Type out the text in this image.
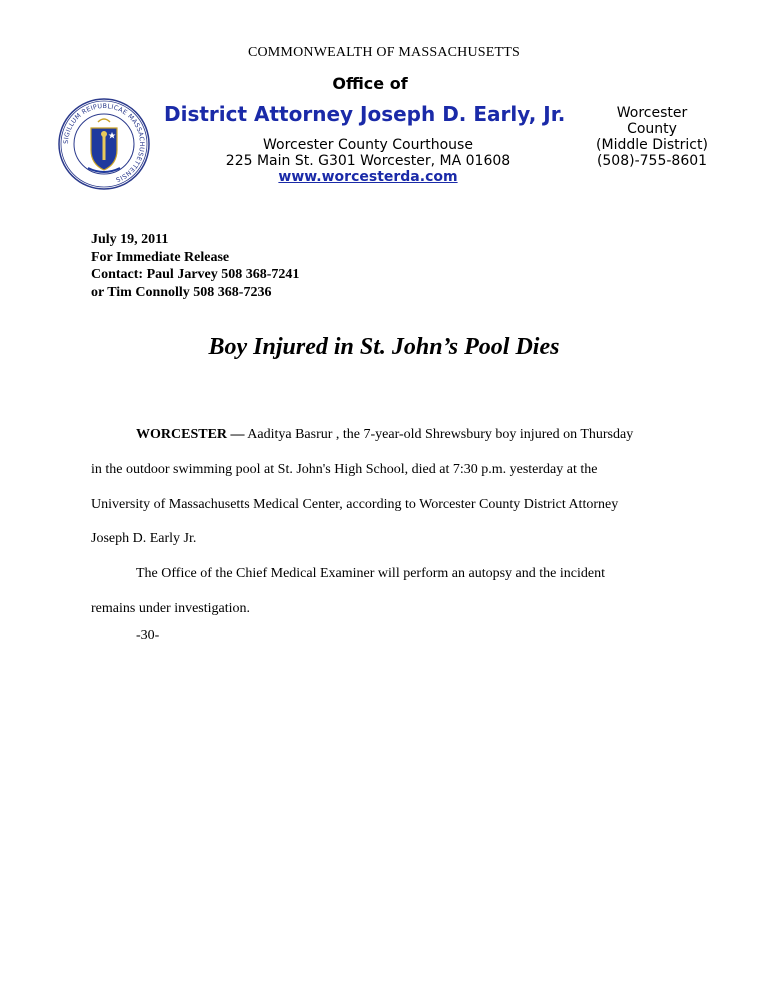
COMMONWEALTH OF MASSACHUSETTS
Office of
SIGILLUM REIPUBLICAE MASSACHUSETTENSIS
District Attorney Joseph D. Early, Jr.
Worcester County Courthouse
225 Main St. G301 Worcester, MA 01608
www.worcesterda.com
Worcester
County
(Middle District)
(508)-755-8601
July 19, 2011
For Immediate Release
Contact: Paul Jarvey 508 368-7241
or Tim Connolly 508 368-7236
Boy Injured in St. John’s Pool Dies

WORCESTER — Aaditya Basrur , the 7-year-old Shrewsbury boy injured on Thursday

in the outdoor swimming pool at St. John's High School, died at 7:30 p.m. yesterday at the

University of Massachusetts Medical Center, according to Worcester County District Attorney

Joseph D. Early Jr.

The Office of the Chief Medical Examiner will perform an autopsy and the incident

remains under investigation.

-30-
